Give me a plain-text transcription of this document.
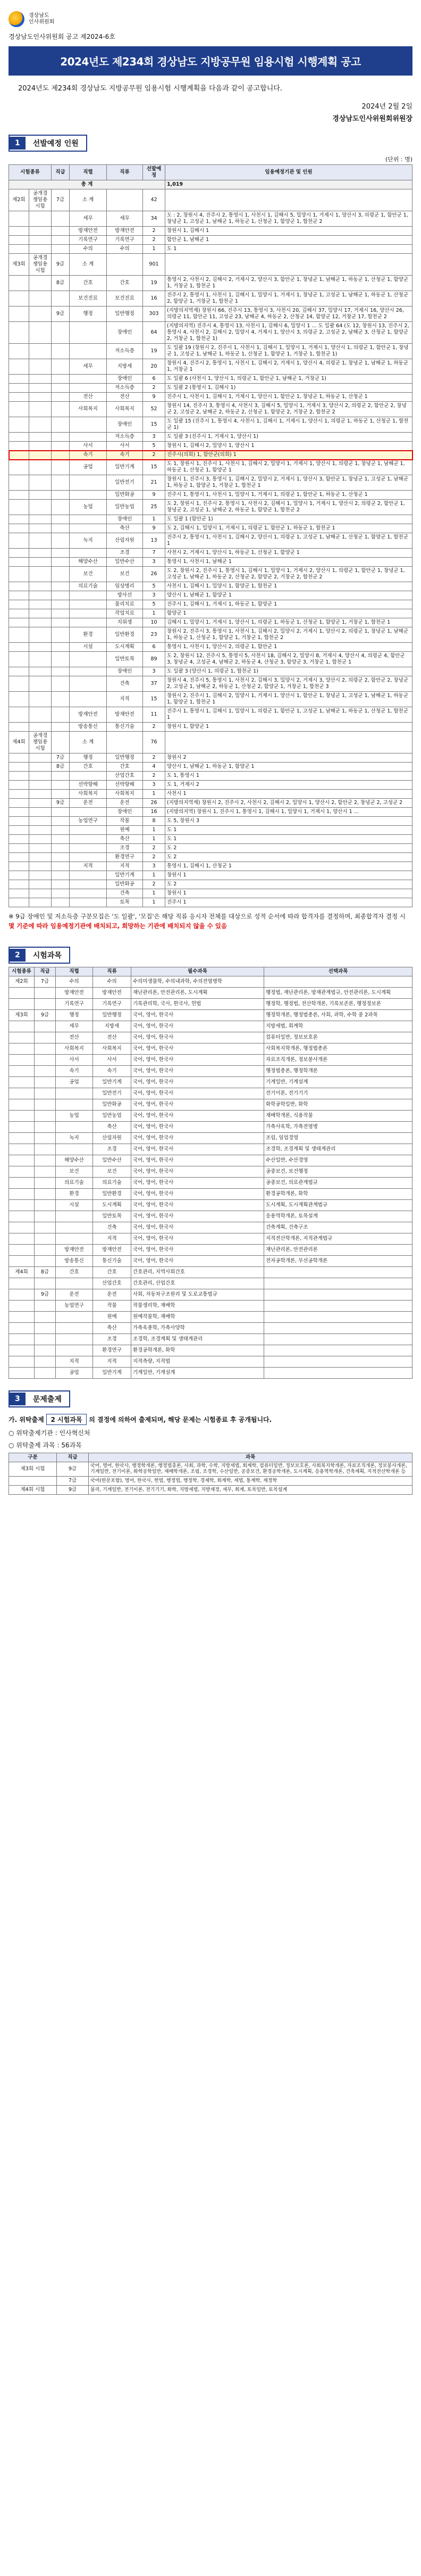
경상남도
인사위원회
경상남도인사위원회 공고 제2024-6호
2024년도 제234회 경상남도 지방공무원 임용시험 시행계획 공고
2024년도 제234회 경상남도 지방공무원 임용시험 시행계획을 다음과 같이 공고합니다.
2024년 2월 2일
경상남도인사위원회위원장
1	선발예정 인원
(단위 : 명)
시험종류		직급	직렬	직류	선발예정	임용예정기관 및 인원
총 계						1,019
제2회	공개경쟁임용시험	7급	소 계		42	
			세무	세무	34	도 : 2, 창원시 4, 진주시 2, 통영시 1, 사천시 1, 김해시 5, 밀양시 1, 거제시 1, 양산시 3, 의령군 1, 함안군 1, 창녕군 1, 고성군 1, 남해군 1, 하동군 1, 산청군 1, 함양군 1, 합천군 2
			방재안전	방재안전	2	창원시 1, 김해시 1
			기록연구	기록연구	2	함안군 1, 남해군 1
			수의	수의	1	도 1
제3회	공개경쟁임용시험	9급	소 계		901	
		8급	간호	간호	19	통영시 2, 사천시 2, 김해시 2, 거제시 2, 양산시 3, 함안군 1, 창녕군 1, 남해군 1, 하동군 1, 산청군 1, 함양군 1, 거창군 1, 합천군 1
			보건진료	보건진료	16	진주시 2, 통영시 1, 사천시 1, 김해시 1, 밀양시 1, 거제시 1, 창녕군 1, 고성군 1, 남해군 1, 하동군 1, 산청군 2, 함양군 1, 거창군 1, 합천군 1
		9급	행정	일반행정	303	(지방의지역제) 창원시 66, 진주시 13, 통영시 3, 사천시 20, 김해시 37, 밀양시 17, 거제시 16, 양산시 26, 의령군 11, 함안군 11, 고성군 23, 남해군 4, 하동군 2, 산청군 14, 함양군 12, 거창군 17, 합천군 2
				장애인	64	(지방의지역) 진주시 4, 통영시 13, 사천시 1, 김해시 6, 밀양시 1 ... 도 일괄 64 (도 12, 창원시 13, 진주시 2, 통영시 4, 사천시 2, 김해시 2, 밀양시 4, 거제시 1, 양산시 3, 의령군 2, 고성군 2, 남해군 3, 산청군 1, 함양군 2, 거창군 1, 합천군 1)
				저소득층	19	도 일괄 19 (창원시 2, 진주시 1, 사천시 1, 김해시 1, 밀양시 1, 거제시 1, 양산시 1, 의령군 1, 함안군 1, 창녕군 1, 고성군 1, 남해군 1, 하동군 1, 산청군 1, 함양군 1, 거창군 1, 합천군 1)
			세무	지방세	20	창원시 4, 진주시 2, 통영시 1, 사천시 1, 김해시 2, 거제시 1, 양산시 4, 의령군 1, 창녕군 1, 남해군 1, 하동군 1, 거창군 1
				장애인	6	도 일괄 6 (사천시 1, 양산시 1, 의령군 1, 함안군 1, 남해군 1, 거창군 1)
				저소득층	2	도 일괄 2 (통영시 1, 김해시 1)
			전산	전산	9	진주시 1, 사천시 1, 김해시 1, 거제시 1, 양산시 1, 함안군 1, 창녕군 1, 하동군 1, 산청군 1
			사회복지	사회복지	52	창원시 14, 진주시 3, 통영시 4, 사천시 3, 김해시 5, 밀양시 1, 거제시 3, 양산시 2, 의령군 2, 함안군 2, 창녕군 2, 고성군 2, 남해군 2, 하동군 2, 산청군 1, 함양군 2, 거창군 2, 합천군 2
				장애인	15	도 일괄 15 (진주시 1, 통영시 4, 사천시 1, 김해시 1, 거제시 1, 양산시 1, 의령군 1, 하동군 1, 산청군 1, 합천군 1)
				저소득층	3	도 일괄 3 (진주시 1, 거제시 1, 양산시 1)
			사서	사서	5	창원시 1, 김해시 2, 밀양시 1, 양산시 1
			속기	속기	2	진주시(의회) 1, 함안군(의회) 1
			공업	일반기계	15	도 1, 창원시 1, 진주시 1, 사천시 1, 김해시 2, 밀양시 1, 거제시 1, 양산시 1, 의령군 1, 창녕군 1, 남해군 1, 하동군 1, 산청군 1, 함양군 1
				일반전기	21	창원시 1, 진주시 3, 통영시 1, 김해시 2, 밀양시 2, 거제시 1, 양산시 3, 함안군 1, 창녕군 1, 고성군 1, 남해군 1, 하동군 1, 함양군 1, 거창군 1, 합천군 1
				일반화공	9	진주시 1, 통영시 1, 사천시 1, 밀양시 1, 거제시 1, 의령군 1, 함안군 1, 하동군 1, 산청군 1
			농업	일반농업	25	도 2, 창원시 1, 진주시 2, 통영시 1, 사천시 2, 김해시 1, 밀양시 1, 거제시 1, 양산시 2, 의령군 2, 함안군 1, 창녕군 2, 고성군 1, 남해군 2, 하동군 1, 함양군 1, 합천군 2
				장애인	1	도 일괄 1 (함안군 1)
				축산	9	도 2, 김해시 1, 밀양시 1, 거제시 1, 의령군 1, 함안군 1, 하동군 1, 합천군 1
			녹지	산림자원	13	진주시 2, 통영시 1, 사천시 1, 김해시 2, 양산시 1, 의령군 1, 고성군 1, 남해군 1, 산청군 1, 함양군 1, 합천군 1
				조경	7	사천시 2, 거제시 1, 양산시 1, 하동군 1, 산청군 1, 함양군 1
			해양수산	일반수산	3	통영시 1, 사천시 1, 남해군 1
			보건	보건	26	도 2, 창원시 2, 진주시 1, 통영시 1, 김해시 1, 밀양시 1, 거제시 2, 양산시 1, 의령군 1, 함안군 1, 창녕군 1, 고성군 1, 남해군 1, 하동군 2, 산청군 2, 함양군 2, 거창군 2, 합천군 2
			의료기술	임상병리	5	사천시 1, 김해시 1, 밀양시 1, 함양군 1, 합천군 1
				방사선	3	양산시 1, 남해군 1, 함양군 1
				물리치료	5	진주시 1, 김해시 1, 거제시 1, 하동군 1, 함양군 1
				작업치료	1	함양군 1
				치위생	10	김해시 1, 밀양시 1, 거제시 1, 양산시 1, 의령군 1, 하동군 1, 산청군 1, 함양군 1, 거창군 1, 합천군 1
			환경	일반환경	23	창원시 2, 진주시 3, 통영시 1, 사천시 1, 김해시 2, 밀양시 2, 거제시 1, 양산시 2, 의령군 1, 창녕군 1, 남해군 1, 하동군 1, 산청군 1, 함양군 1, 거창군 1, 합천군 2
			시설	도시계획	6	통영시 1, 사천시 1, 양산시 2, 의령군 1, 함안군 1
				일반토목	89	도 2, 창원시 12, 진주시 5, 통영시 5, 사천시 18, 김해시 2, 밀양시 8, 거제시 4, 양산시 4, 의령군 4, 함안군 3, 창녕군 4, 고성군 4, 남해군 2, 하동군 4, 산청군 3, 함양군 3, 거창군 1, 합천군 1
				장애인	3	도 일괄 3 (양산시 1, 의령군 1, 합천군 1)
				건축	37	창원시 4, 진주시 5, 통영시 1, 사천시 2, 김해시 3, 밀양시 2, 거제시 3, 양산시 2, 의령군 2, 함안군 2, 창녕군 2, 고성군 1, 남해군 2, 하동군 1, 산청군 2, 함양군 1, 거창군 1, 합천군 3
				지적	15	창원시 2, 진주시 1, 김해시 2, 밀양시 1, 거제시 1, 양산시 1, 함안군 1, 창녕군 1, 고성군 1, 남해군 1, 하동군 1, 함양군 1, 합천군 1
			방재안전	방재안전	11	진주시 1, 통영시 1, 김해시 1, 밀양시 1, 의령군 1, 함안군 1, 고성군 1, 남해군 1, 하동군 1, 산청군 1, 합천군 1
			방송통신	통신기술	2	창원시 1, 함양군 1
제4회	공개경쟁임용시험		소 계		76	
		7급	행정	일반행정	2	창원시 2
		8급	간호	간호	4	양산시 1, 남해군 1, 하동군 1, 함양군 1
				산업간호	2	도 1, 통영시 1
			선박항해	선박항해	3	도 1, 거제시 2
			사회복지	사회복지	1	사천시 1
		9급	운전	운전	26	(지방의지역제) 창원시 2, 진주시 2, 사천시 2, 김해시 2, 밀양시 1, 양산시 2, 함안군 2, 창녕군 2, 고성군 2
				장애인	16	(지방의지역) 창원시 1, 진주시 1, 통영시 1, 김해시 1, 밀양시 1, 거제시 1, 양산시 1 ...
			농업연구	작물	8	도 5, 창원시 3
				원예	1	도 1
				축산	1	도 1
				조경	2	도 2
				환경연구	2	도 2
			지적	지적	3	통영시 1, 김해시 1, 산청군 1
				일반기계	1	창원시 1
				일반화공	2	도 2
				건축	1	창원시 1
				토목	1	진주시 1
※ 9급 장애인 및 저소득층 구분모집은 '도 일괄', '모집'은 해당 직류 응시자 전체를 대상으로 성적 순서에 따라 합격자를 결정하며, 최종합격자 결정 시 몇 기준에 따라 임용예정기관에 배치되고, 희망하는 기관에 배치되지 않을 수 있음
2	시험과목
시험종류	직급	직렬	직류	필수과목	선택과목
제2회	7급	수의	수의	수의미생물학, 수의내과학, 수의전염병학	
		방재안전	방재안전	재난관리론, 안전관리론, 도시계획	행정법, 재난관리론, 방재관계법규, 안전관리론, 도시계획
		기록연구	기록연구	기록관리학, 국사, 한국사, 헌법	행정학, 행정법, 전산학개론, 기록보존론, 행정정보론
제3회	9급	행정	일반행정	국어, 영어, 한국사	행정학개론, 행정법총론, 사회, 과학, 수학 중 2과목
		세무	지방세	국어, 영어, 한국사	지방세법, 회계학
		전산	전산	국어, 영어, 한국사	컴퓨터일반, 정보보호론
		사회복지	사회복지	국어, 영어, 한국사	사회복지학개론, 행정법총론
		사서	사서	국어, 영어, 한국사	자료조직개론, 정보봉사개론
		속기	속기	국어, 영어, 한국사	행정법총론, 행정학개론
		공업	일반기계	국어, 영어, 한국사	기계일반, 기계설계
			일반전기	국어, 영어, 한국사	전기이론, 전기기기
			일반화공	국어, 영어, 한국사	화학공학일반, 화학
		농업	일반농업	국어, 영어, 한국사	재배학개론, 식용작물
			축산	국어, 영어, 한국사	가축사육학, 가축전염병
		녹지	산림자원	국어, 영어, 한국사	조림, 임업경영
			조경	국어, 영어, 한국사	조경학, 조경계획 및 생태계관리
		해양수산	일반수산	국어, 영어, 한국사	수산일반, 수산경영
		보건	보건	국어, 영어, 한국사	공중보건, 보건행정
		의료기술	의료기술	국어, 영어, 한국사	공중보건, 의료관계법규
		환경	일반환경	국어, 영어, 한국사	환경공학개론, 화학
		시설	도시계획	국어, 영어, 한국사	도시계획, 도시계획관계법규
			일반토목	국어, 영어, 한국사	응용역학개론, 토목설계
			건축	국어, 영어, 한국사	건축계획, 건축구조
			지적	국어, 영어, 한국사	지적전산학개론, 지적관계법규
		방재안전	방재안전	국어, 영어, 한국사	재난관리론, 안전관리론
		방송통신	통신기술	국어, 영어, 한국사	전자공학개론, 무선공학개론
제4회	8급	간호	간호	간호관리, 지역사회간호	
			산업간호	간호관리, 산업간호	
	9급	운전	운전	사회, 자동차구조원리 및 도로교통법규	
		농업연구	작물	작물생리학, 재배학	
			원예	원예작물학, 재배학	
			축산	가축육종학, 가축사양학	
			조경	조경학, 조경계획 및 생태계관리	
			환경연구	환경공학개론, 화학	
		지적	지적	지적측량, 지적법	
		공업	일반기계	기계일반, 기계설계	
3	문제출제
가. 위탁출제 2 시험과목 의 결정에 의하여 출제되며, 해당 문제는 시험종료 후 공개됩니다.
○ 위탁출제기관 : 인사혁신처
○ 위탁출제 과목 : 56과목
구분	직급	과목
제3회 시험	9급	국어, 영어, 한국사, 행정학개론, 행정법총론, 사회, 과학, 수학, 지방세법, 회계학, 컴퓨터일반, 정보보호론, 사회복지학개론, 자료조직개론, 정보봉사개론, 기계일반, 전기이론, 화학공학일반, 재배학개론, 조림, 조경학, 수산일반, 공중보건, 환경공학개론, 도시계획, 응용역학개론, 건축계획, 지적전산학개론 등
	7급	국어(한문포함), 영어, 한국사, 헌법, 행정법, 행정학, 경제학, 회계학, 세법, 통계학, 재정학
제4회 시험	9급	물리, 기계일반, 전기이론, 전기기기, 화학, 지방세법, 지방재정, 세무, 회계, 토목일반, 토목설계
